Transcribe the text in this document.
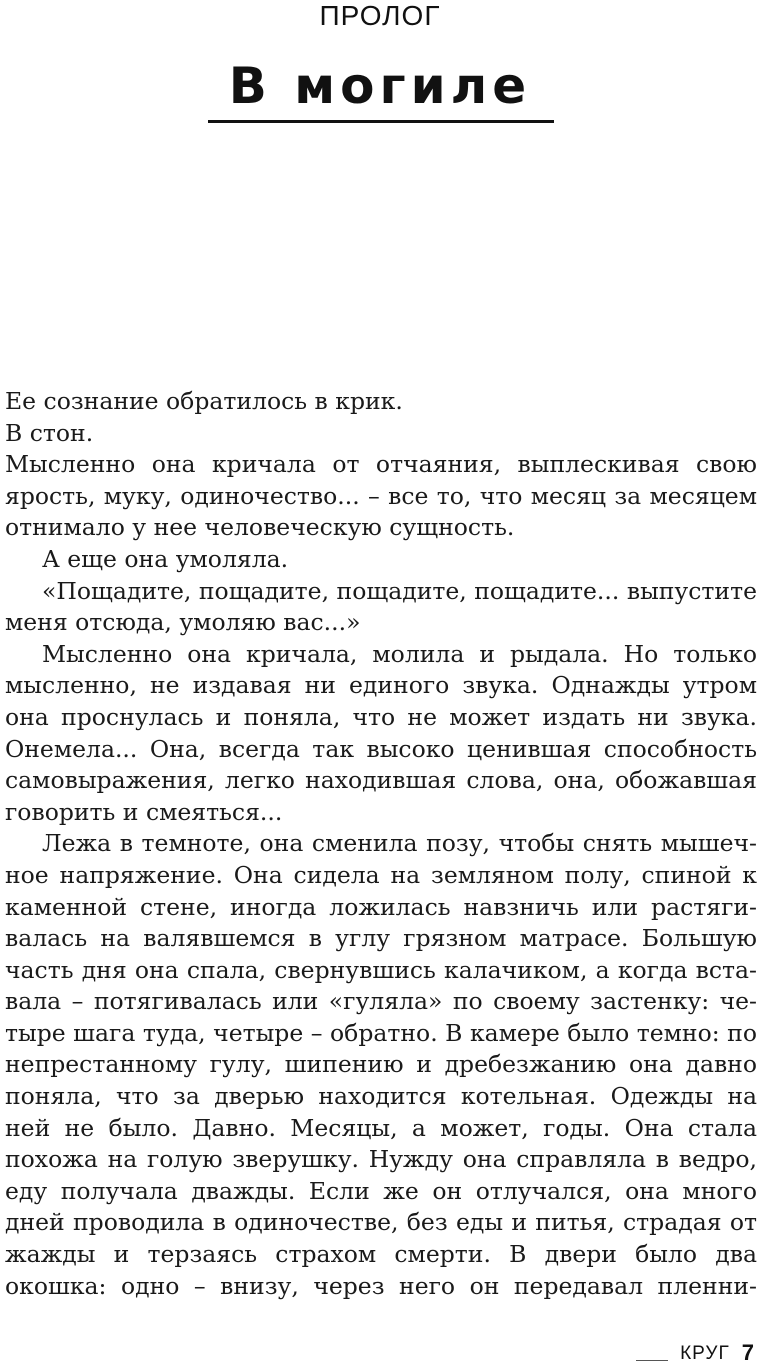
ПРОЛОГ
В могиле

Ее сознание обратилось в крик.

В стон.

Мысленно она кричала от отчаяния, выплескивая свою ярость, муку, одиночество... – все то, что месяц за месяцем отнимало у нее человеческую сущность.

А еще она умоляла.

«Пощадите, пощадите, пощадите, пощадите... выпустите меня отсюда, умоляю вас...»

Мысленно она кричала, молила и рыдала. Но только мысленно, не издавая ни единого звука. Однажды утром она проснулась и поняла, что не может издать ни звука. Онемела... Она, всегда так высоко ценившая способность самовыражения, легко находившая слова, она, обожавшая говорить и смеяться...

Лежа в темноте, она сменила позу, чтобы снять мышечное напряжение. Она сидела на земляном полу, спиной к каменной стене, иногда ложилась навзничь или растягивалась на валявшемся в углу грязном матрасе. Большую часть дня она спала, свернувшись калачиком, а когда вставала – потягивалась или «гуляла» по своему застенку: четыре шага туда, четыре – обратно. В камере было темно: по непрестанному гулу, шипению и дребезжанию она давно поняла, что за дверью находится котельная. Одежды на ней не было. Давно. Месяцы, а может, годы. Она стала похожа на голую зверушку. Нужду она справляла в ведро, еду получала дважды. Если же он отлучался, она много дней проводила в одиночестве, без еды и питья, страдая от жажды и терзаясь страхом смерти. В двери было два окошка: одно – внизу, через него он передавал пленни-

КРУГ 7
